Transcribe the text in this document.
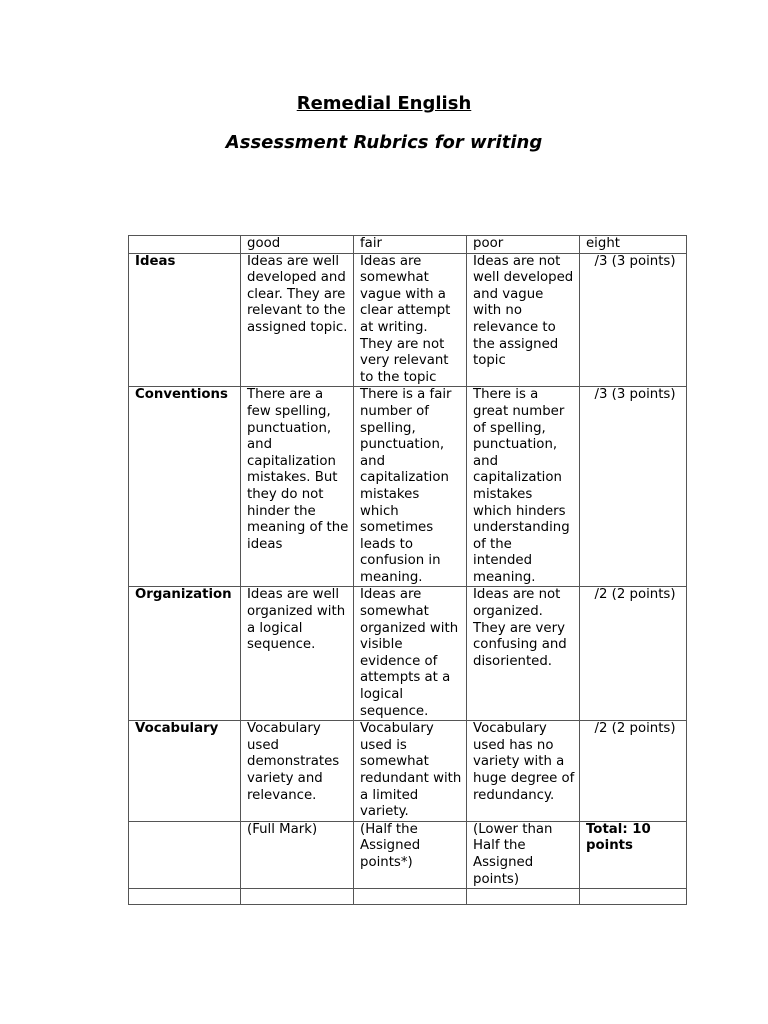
Remedial English
Assessment Rubrics for writing
	good	fair	poor	eight
Ideas	Ideas are well developed and clear. They are relevant to the assigned topic.	Ideas are somewhat vague with a clear attempt at writing. They are not very relevant to the topic	Ideas are not well developed and vague with no relevance to the assigned topic	/3 (3 points)
Conventions	There are a few spelling, punctuation, and capitalization mistakes. But they do not hinder the meaning of the ideas	There is a fair number of spelling, punctuation, and capitalization mistakes which sometimes leads to confusion in meaning.	There is a great number of spelling, punctuation, and capitalization mistakes which hinders understanding of the intended meaning.	/3 (3 points)
Organization	Ideas are well organized with a logical sequence.	Ideas are somewhat organized with visible evidence of attempts at a logical sequence.	Ideas are not organized. They are very confusing and disoriented.	/2 (2 points)
Vocabulary	Vocabulary used demonstrates variety and relevance.	Vocabulary used is somewhat redundant with a limited variety.	Vocabulary used has no variety with a huge degree of redundancy.	/2 (2 points)
	(Full Mark)	(Half the Assigned points*)	(Lower than Half the Assigned points)	Total: 10 points
